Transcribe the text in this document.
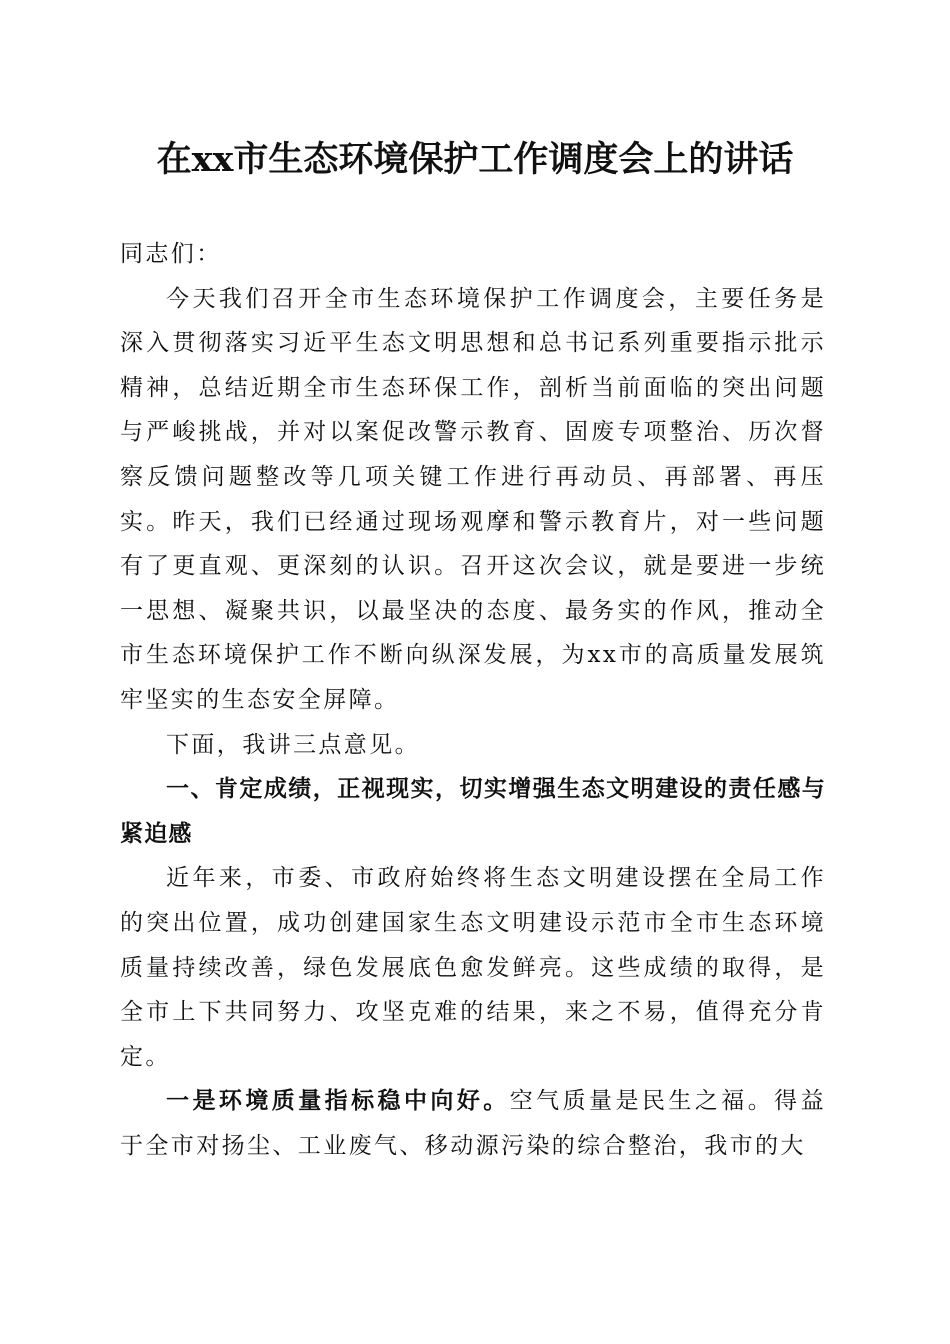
在xx市生态环境保护工作调度会上的讲话

同志们：

今天我们召开全市生态环境保护工作调度会，主要任务是深入贯彻落实习近平生态文明思想和总书记系列重要指示批示精神，总结近期全市生态环保工作，剖析当前面临的突出问题与严峻挑战，并对以案促改警示教育、固废专项整治、历次督察反馈问题整改等几项关键工作进行再动员、再部署、再压实。昨天，我们已经通过现场观摩和警示教育片，对一些问题有了更直观、更深刻的认识。召开这次会议，就是要进一步统一思想、凝聚共识，以最坚决的态度、最务实的作风，推动全市生态环境保护工作不断向纵深发展，为xx市的高质量发展筑牢坚实的生态安全屏障。

下面，我讲三点意见。

一、肯定成绩，正视现实，切实增强生态文明建设的责任感与紧迫感

近年来，市委、市政府始终将生态文明建设摆在全局工作的突出位置，成功创建国家生态文明建设示范市全市生态环境质量持续改善，绿色发展底色愈发鲜亮。这些成绩的取得，是全市上下共同努力、攻坚克难的结果，来之不易，值得充分肯定。

一是环境质量指标稳中向好。空气质量是民生之福。得益于全市对扬尘、工业废气、移动源污染的综合整治，我市的大
